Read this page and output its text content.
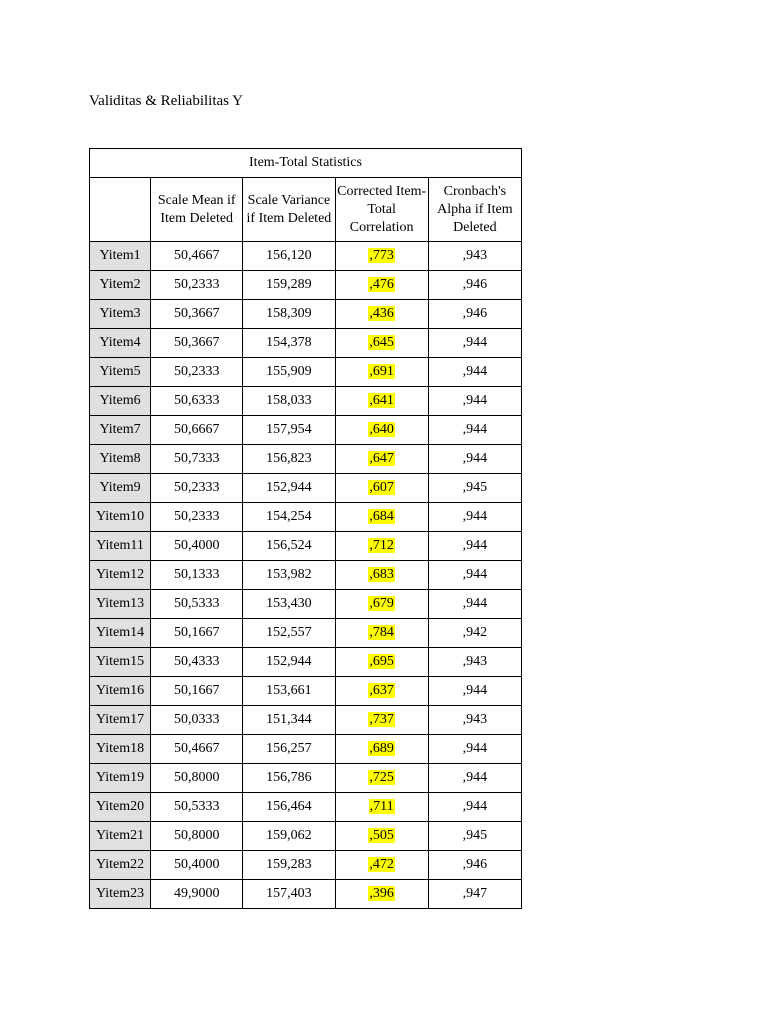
Validitas & Reliabilitas Y
Item-Total Statistics				
	Scale Mean if Item Deleted	Scale Variance if Item Deleted	Corrected Item-Total Correlation	Cronbach's Alpha if Item Deleted
Yitem1	50,4667	156,120	,773	,943
Yitem2	50,2333	159,289	,476	,946
Yitem3	50,3667	158,309	,436	,946
Yitem4	50,3667	154,378	,645	,944
Yitem5	50,2333	155,909	,691	,944
Yitem6	50,6333	158,033	,641	,944
Yitem7	50,6667	157,954	,640	,944
Yitem8	50,7333	156,823	,647	,944
Yitem9	50,2333	152,944	,607	,945
Yitem10	50,2333	154,254	,684	,944
Yitem11	50,4000	156,524	,712	,944
Yitem12	50,1333	153,982	,683	,944
Yitem13	50,5333	153,430	,679	,944
Yitem14	50,1667	152,557	,784	,942
Yitem15	50,4333	152,944	,695	,943
Yitem16	50,1667	153,661	,637	,944
Yitem17	50,0333	151,344	,737	,943
Yitem18	50,4667	156,257	,689	,944
Yitem19	50,8000	156,786	,725	,944
Yitem20	50,5333	156,464	,711	,944
Yitem21	50,8000	159,062	,505	,945
Yitem22	50,4000	159,283	,472	,946
Yitem23	49,9000	157,403	,396	,947
